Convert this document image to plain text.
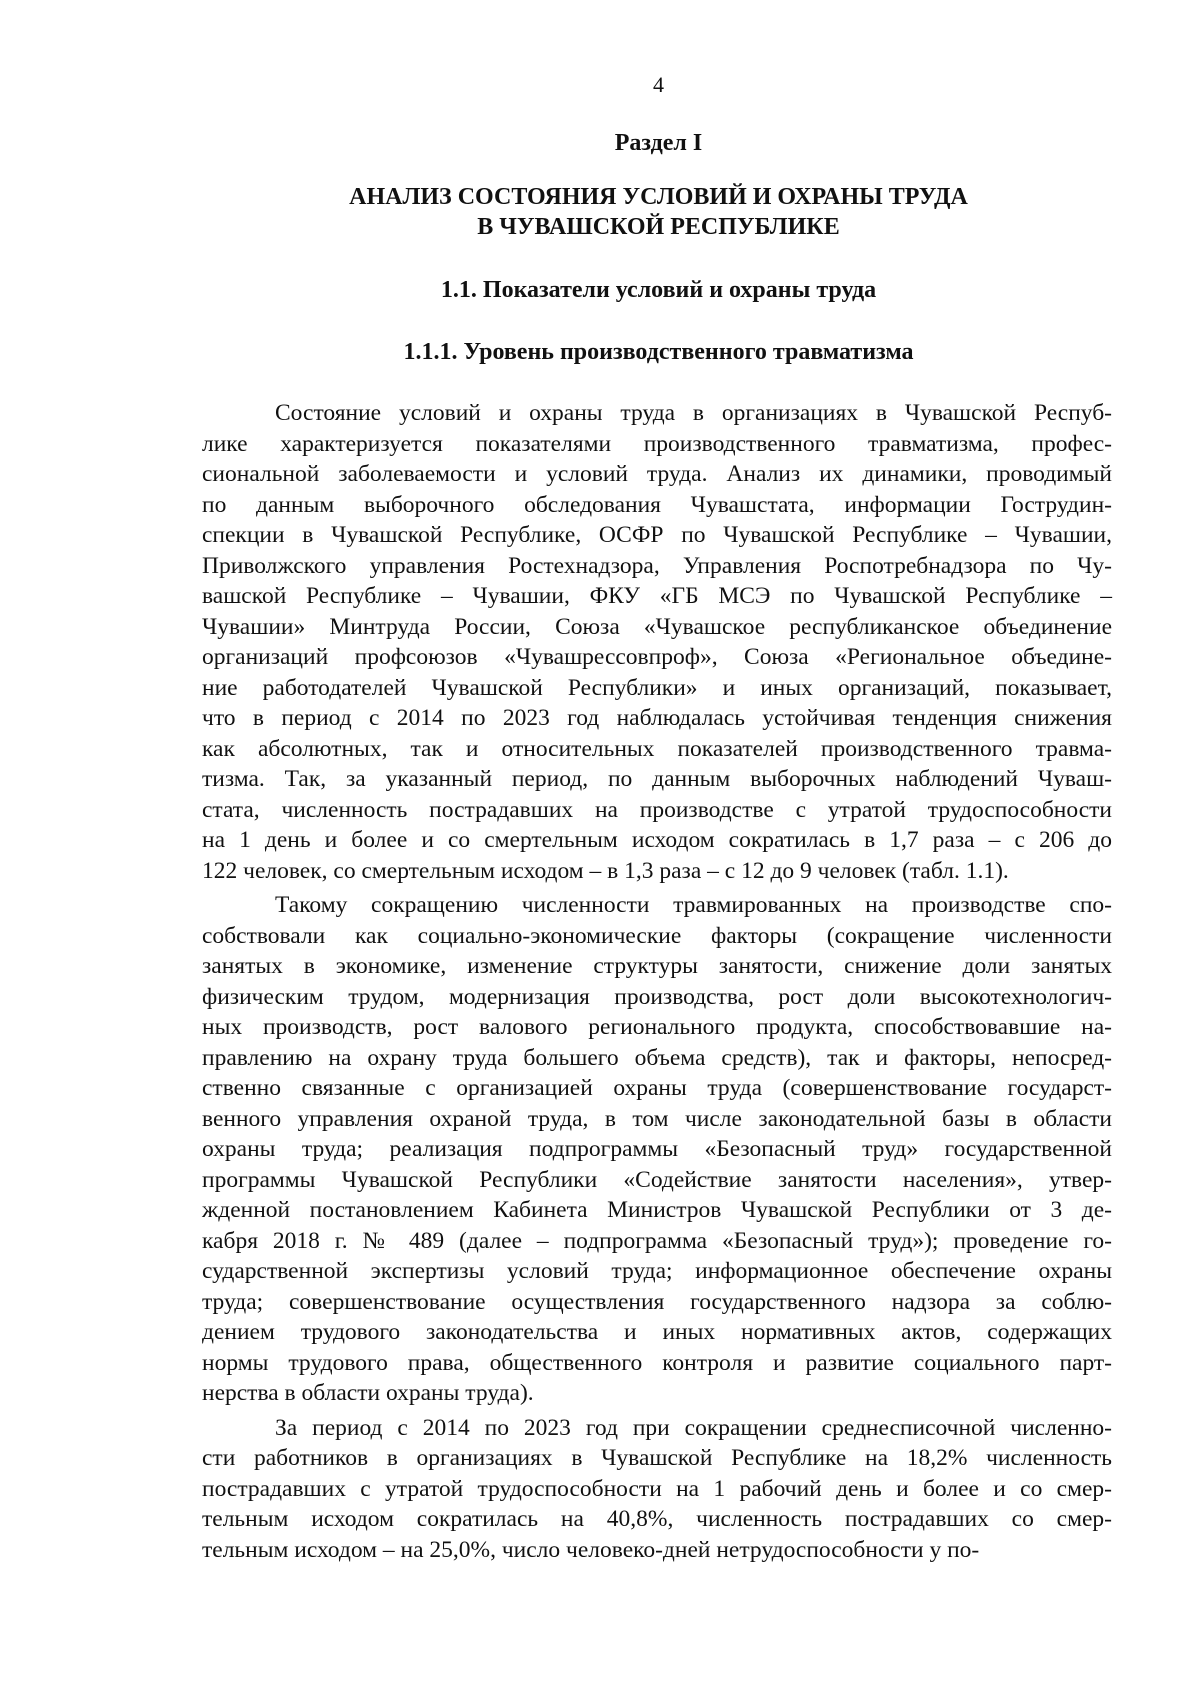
4
Раздел I
АНАЛИЗ СОСТОЯНИЯ УСЛОВИЙ И ОХРАНЫ ТРУДА
В ЧУВАШСКОЙ РЕСПУБЛИКЕ
1.1. Показатели условий и охраны труда
1.1.1. Уровень производственного травматизма

Состояние условий и охраны труда в организациях в Чувашской Респуб-
лике характеризуется показателями производственного травматизма, профес-
сиональной заболеваемости и условий труда. Анализ их динамики, проводимый
по данным выборочного обследования Чувашстата, информации Гострудин-
спекции в Чувашской Республике, ОСФР по Чувашской Республике – Чувашии,
Приволжского управления Ростехнадзора, Управления Роспотребнадзора по Чу-
вашской Республике – Чувашии, ФКУ «ГБ МСЭ по Чувашской Республике –
Чувашии» Минтруда России, Союза «Чувашское республиканское объединение
организаций профсоюзов «Чувашрессовпроф», Союза «Региональное объедине-
ние работодателей Чувашской Республики» и иных организаций, показывает,
что в период с 2014 по 2023 год наблюдалась устойчивая тенденция снижения
как абсолютных, так и относительных показателей производственного травма-
тизма. Так, за указанный период, по данным выборочных наблюдений Чуваш-
стата, численность пострадавших на производстве с утратой трудоспособности
на 1 день и более и со смертельным исходом сократилась в 1,7 раза – с 206 до
122 человек, со смертельным исходом – в 1,3 раза – с 12 до 9 человек (табл. 1.1).

Такому сокращению численности травмированных на производстве спо-
собствовали как социально-экономические факторы (сокращение численности
занятых в экономике, изменение структуры занятости, снижение доли занятых
физическим трудом, модернизация производства, рост доли высокотехнологич-
ных производств, рост валового регионального продукта, способствовавшие на-
правлению на охрану труда большего объема средств), так и факторы, непосред-
ственно связанные с организацией охраны труда (совершенствование государст-
венного управления охраной труда, в том числе законодательной базы в области
охраны труда; реализация подпрограммы «Безопасный труд» государственной
программы Чувашской Республики «Содействие занятости населения», утвер-
жденной постановлением Кабинета Министров Чувашской Республики от 3 де-
кабря 2018 г. № 489 (далее – подпрограмма «Безопасный труд»); проведение го-
сударственной экспертизы условий труда; информационное обеспечение охраны
труда; совершенствование осуществления государственного надзора за соблю-
дением трудового законодательства и иных нормативных актов, содержащих
нормы трудового права, общественного контроля и развитие социального парт-
нерства в области охраны труда).

За период с 2014 по 2023 год при сокращении среднесписочной численно-
сти работников в организациях в Чувашской Республике на 18,2% численность
пострадавших с утратой трудоспособности на 1 рабочий день и более и со смер-
тельным исходом сократилась на 40,8%, численность пострадавших со смер-
тельным исходом – на 25,0%, число человеко-дней нетрудоспособности у по-
